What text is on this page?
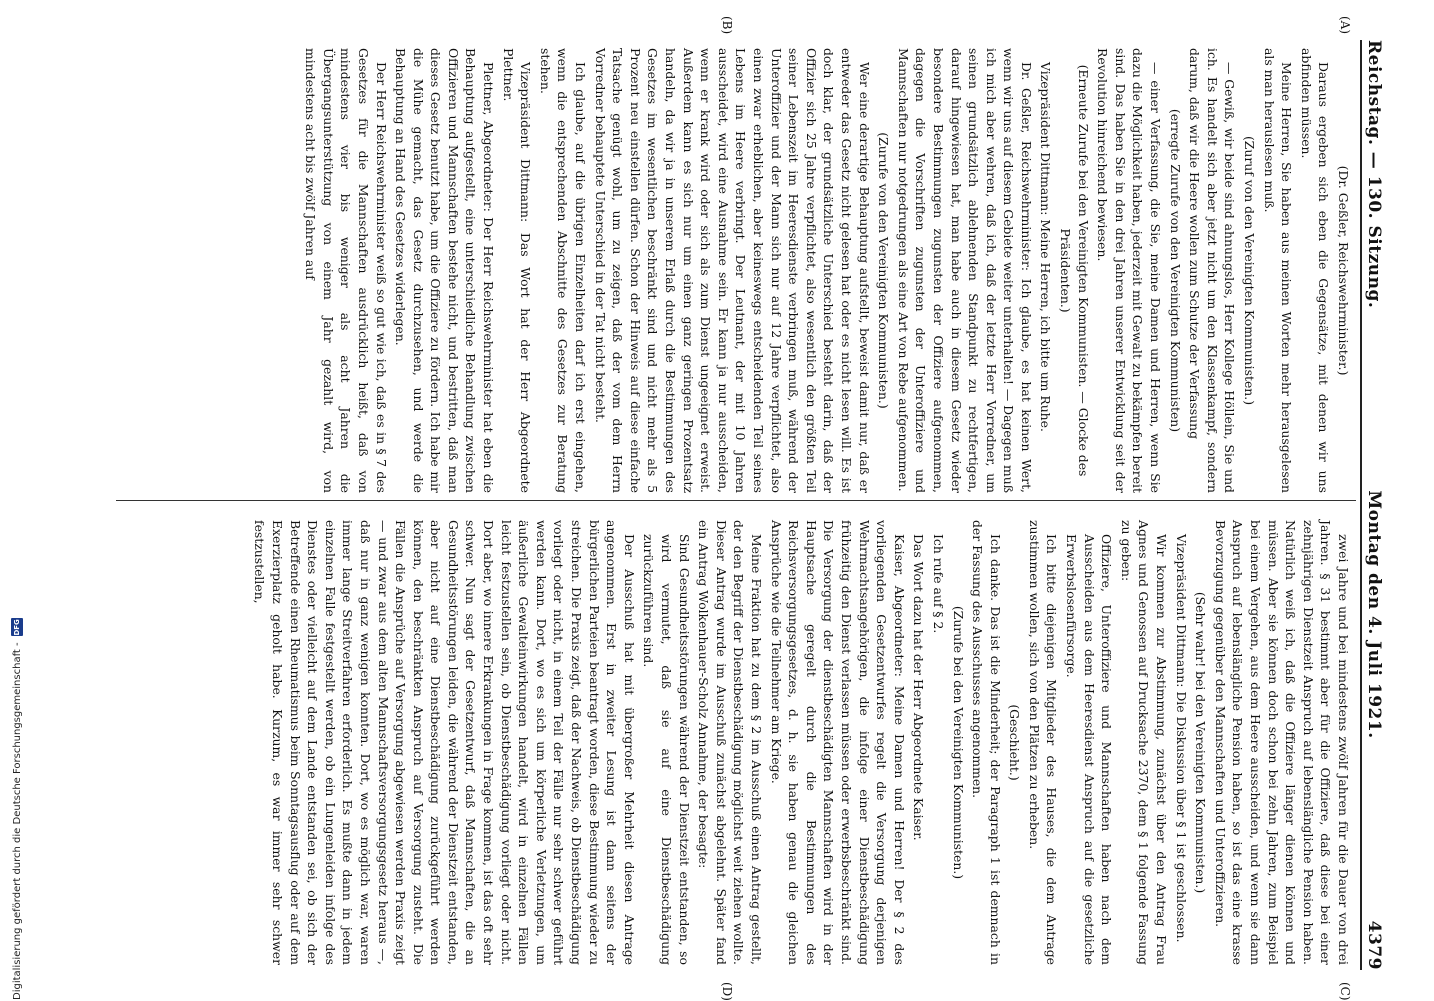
Reichstag. — 130. Sitzung.
Montag den 4. Juli 1921.
4379
(A)
(B)
(C)
(D)

(Dr. Geßler, Reichswehrminister.)

Daraus ergeben sich eben die Gegensätze, mit denen wir uns abfinden müssen.

Meine Herren, Sie haben aus meinen Worten mehr herausgelesen als man herauslesen muß.

(Zuruf von den Vereinigten Kommunisten.)

— Gewiß, wir beide sind ahnungslos, Herr Kollege Höllein, Sie und ich. Es handelt sich aber jetzt nicht um den Klassenkampf, sondern darum, daß wir die Heere wollen zum Schutze der Verfassung

(erregte Zurufe von den Vereinigten Kommunisten)

— einer Verfassung, die Sie, meine Damen und Herren, wenn Sie dazu die Möglichkeit haben, jederzeit mit Gewalt zu bekämpfen bereit sind. Das haben Sie in den drei Jahren unserer Entwicklung seit der Revolution hinreichend bewiesen.

(Erneute Zurufe bei den Vereinigten Kommunisten. — Glocke des Präsidenten.)

Vizepräsident Dittmann: Meine Herren, ich bitte um Ruhe.

Dr. Geßler, Reichswehrminister: Ich glaube, es hat keinen Wert, wenn wir uns auf diesem Gebiete weiter unterhalten! — Dagegen muß ich mich aber wehren, daß ich, daß der letzte Herr Vorredner, um seinen grundsätzlich ablehnenden Standpunkt zu rechtfertigen, darauf hingewiesen hat, man habe auch in diesem Gesetz wieder besondere Bestimmungen zugunsten der Offiziere aufgenommen, dagegen die Vorschriften zugunsten der Unteroffiziere und Mannschaften nur notgedrungen als eine Art von Rebe aufgenommen.

(Zurufe von den Vereinigten Kommunisten.)

Wer eine derartige Behauptung aufstellt, beweist damit nur, daß er entweder das Gesetz nicht gelesen hat oder es nicht lesen will. Es ist doch klar, der grundsätzliche Unterschied besteht darin, daß der Offizier sich 25 Jahre verpflichtet, also wesentlich den größten Teil seiner Lebenszeit im Heeresdienste verbringen muß, während der Unteroffizier und der Mann sich nur auf 12 Jahre verpflichtet, also einen zwar erheblichen, aber keineswegs entscheidenden Teil seines Lebens im Heere verbringt. Der Leutnant, der mit 10 Jahren ausscheidet, wird eine Ausnahme sein. Er kann ja nur ausscheiden, wenn er krank wird oder sich als zum Dienst ungeeignet erweist. Außerdem kann es sich nur um einen ganz geringen Prozentsatz handeln, da wir ja in unserem Erlaß durch die Bestimmungen des Gesetzes im wesentlichen beschränkt sind und nicht mehr als 5 Prozent neu einstellen dürfen. Schon der Hinweis auf diese einfache Tatsache genügt wohl, um zu zeigen, daß der vom dem Herrn Vorredner behauptete Unterschied in der Tat nicht besteht.

Ich glaube, auf die übrigen Einzelheiten darf ich erst eingehen, wenn die entsprechenden Abschnitte des Gesetzes zur Beratung stehen.

Vizepräsident Dittmann: Das Wort hat der Herr Abgeordnete Plettner.

Plettner, Abgeordneter: Der Herr Reichswehrminister hat eben die Behauptung aufgestellt, eine unterschiedliche Behandlung zwischen Offizieren und Mannschaften bestehe nicht, und bestritten, daß man dieses Gesetz benutzt habe, um die Offiziere zu fördern. Ich habe mir die Mühe gemacht, das Gesetz durchzusehen, und werde die Behauptung an Hand des Gesetzes widerlegen.

Der Herr Reichswehrminister weiß so gut wie ich, daß es in § 7 des Gesetzes für die Mannschaften ausdrücklich heißt, daß von mindestens vier bis weniger als acht Jahren die Übergangsunterstützung von einem Jahr gezahlt wird, von mindestens acht bis zwölf Jahren auf

zwei Jahre und bei mindestens zwölf Jahren für die Dauer von drei Jahren. § 31 bestimmt aber für die Offiziere, daß diese bei einer zehnjährigen Dienstzeit Anspruch auf lebenslängliche Pension haben. Natürlich weiß ich, daß die Offiziere länger dienen können und müssen. Aber sie können doch schon bei zehn Jahren, zum Beispiel bei einem Vergehen, aus dem Heere ausscheiden, und wenn sie dann Anspruch auf lebenslängliche Pension haben, so ist das eine krasse Bevorzugung gegenüber den Mannschaften und Unteroffizieren.

(Sehr wahr! bei den Vereinigten Kommunisten.)

Vizepräsident Dittmann: Die Diskussion über § 1 ist geschlossen.

Wir kommen zur Abstimmung, zunächst über den Antrag Frau Agnes und Genossen auf Drucksache 2370, dem § 1 folgende Fassung zu geben:

Offiziere, Unteroffiziere und Mannschaften haben nach dem Ausscheiden aus dem Heeresdienst Anspruch auf die gesetzliche Erwerbslosenfürsorge.

Ich bitte diejenigen Mitglieder des Hauses, die dem Antrage zustimmen wollen, sich von den Plätzen zu erheben.

(Geschieht.)

Ich danke. Das ist die Minderheit; der Paragraph 1 ist demnach in der Fassung des Ausschusses angenommen.

(Zurufe bei den Vereinigten Kommunisten.)

Ich rufe auf § 2.

Das Wort dazu hat der Herr Abgeordnete Kaiser.

Kaiser, Abgeordneter: Meine Damen und Herren! Der § 2 des vorliegenden Gesetzentwurfes regelt die Versorgung derjenigen Wehrmachtsangehörigen, die infolge einer Dienstbeschädigung frühzeitig den Dienst verlassen müssen oder erwerbsbeschränkt sind. Die Versorgung der dienstbeschädigten Mannschaften wird in der Hauptsache geregelt durch die Bestimmungen des Reichsversorgungsgesetzes, d. h. sie haben genau die gleichen Ansprüche wie die Teilnehmer am Kriege.

Meine Fraktion hat zu dem § 2 im Ausschuß einen Antrag gestellt, der den Begriff der Dienstbeschädigung möglichst weit ziehen wollte. Dieser Antrag wurde im Ausschuß zunächst abgelehnt. Später fand ein Antrag Wolkenhauer-Scholz Annahme, der besagte:

Sind Gesundheitsstörungen während der Dienstzeit entstanden, so wird vermutet, daß sie auf eine Dienstbeschädigung zurückzuführen sind.

Der Ausschuß hat mit übergroßer Mehrheit diesen Antrage angenommen. Erst in zweiter Lesung ist dann seitens der bürgerlichen Parteien beantragt worden, diese Bestimmung wieder zu streichen. Die Praxis zeigt, daß der Nachweis, ob Dienstbeschädigung vorliegt oder nicht, in einem Teil der Fälle nur sehr schwer geführt werden kann. Dort, wo es sich um körperliche Verletzungen, um äußerliche Gewalteinwirkungen handelt, wird in einzelnen Fällen leicht festzustellen sein, ob Dienstbeschädigung vorliegt oder nicht. Dort aber, wo innere Erkrankungen in Frage kommen, ist das oft sehr schwer. Nun sagt der Gesetzentwurf, daß Mannschaften, die an Gesundheitsstörungen leiden, die während der Dienstzeit entstanden, aber nicht auf eine Dienstbeschädigung zurückgeführt werden können, den beschränkten Anspruch auf Versorgung zusteht. Die Fällen die Ansprüche auf Versorgung abgewiesen werden Praxis zeigt — und zwar aus dem alten Mannschaftsversorgungsgesetz heraus —, daß nur in ganz wenigen konnten. Dort, wo es möglich war, waren immer lange Streitverfahren erforderlich. Es mußte dann in jedem einzelnen Falle festgestellt werden, ob ein Lungenleiden infolge des Dienstes oder vielleicht auf dem Lande entstanden sei, ob sich der Betreffende einen Rheumatismus beim Sonntagsausflug oder auf dem Exerzierplatz geholt habe. Kurzum, es war immer sehr schwer festzustellen,

Digitalisierung gefördert durch die Deutsche Forschungsgemeinschaft -
DFG
